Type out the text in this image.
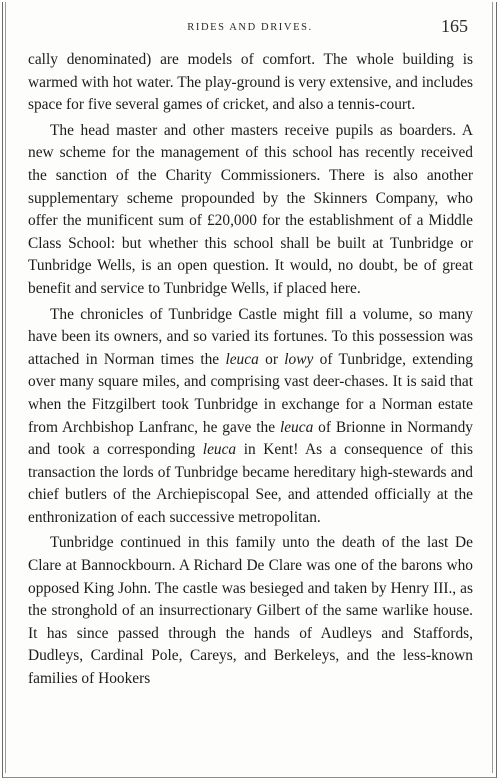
RIDES AND DRIVES.	165

cally denominated) are models of comfort. The whole building is warmed with hot water. The play-ground is very extensive, and includes space for five several games of cricket, and also a tennis-court.

The head master and other masters receive pupils as boarders. A new scheme for the management of this school has recently received the sanction of the Charity Commissioners. There is also another supplementary scheme propounded by the Skinners Company, who offer the munificent sum of £20,000 for the establishment of a Middle Class School: but whether this school shall be built at Tunbridge or Tunbridge Wells, is an open question. It would, no doubt, be of great benefit and service to Tunbridge Wells, if placed here.

The chronicles of Tunbridge Castle might fill a volume, so many have been its owners, and so varied its fortunes. To this possession was attached in Norman times the leuca or lowy of Tunbridge, extending over many square miles, and comprising vast deer-chases. It is said that when the Fitzgilbert took Tunbridge in exchange for a Norman estate from Archbishop Lanfranc, he gave the leuca of Brionne in Normandy and took a corresponding leuca in Kent! As a consequence of this transaction the lords of Tunbridge became hereditary high-stewards and chief butlers of the Archiepiscopal See, and attended officially at the enthronization of each successive metropolitan.

Tunbridge continued in this family unto the death of the last De Clare at Bannockbourn. A Richard De Clare was one of the barons who opposed King John. The castle was besieged and taken by Henry III., as the stronghold of an insurrectionary Gilbert of the same warlike house. It has since passed through the hands of Audleys and Staffords, Dudleys, Cardinal Pole, Careys, and Berkeleys, and the less-known families of Hookers
